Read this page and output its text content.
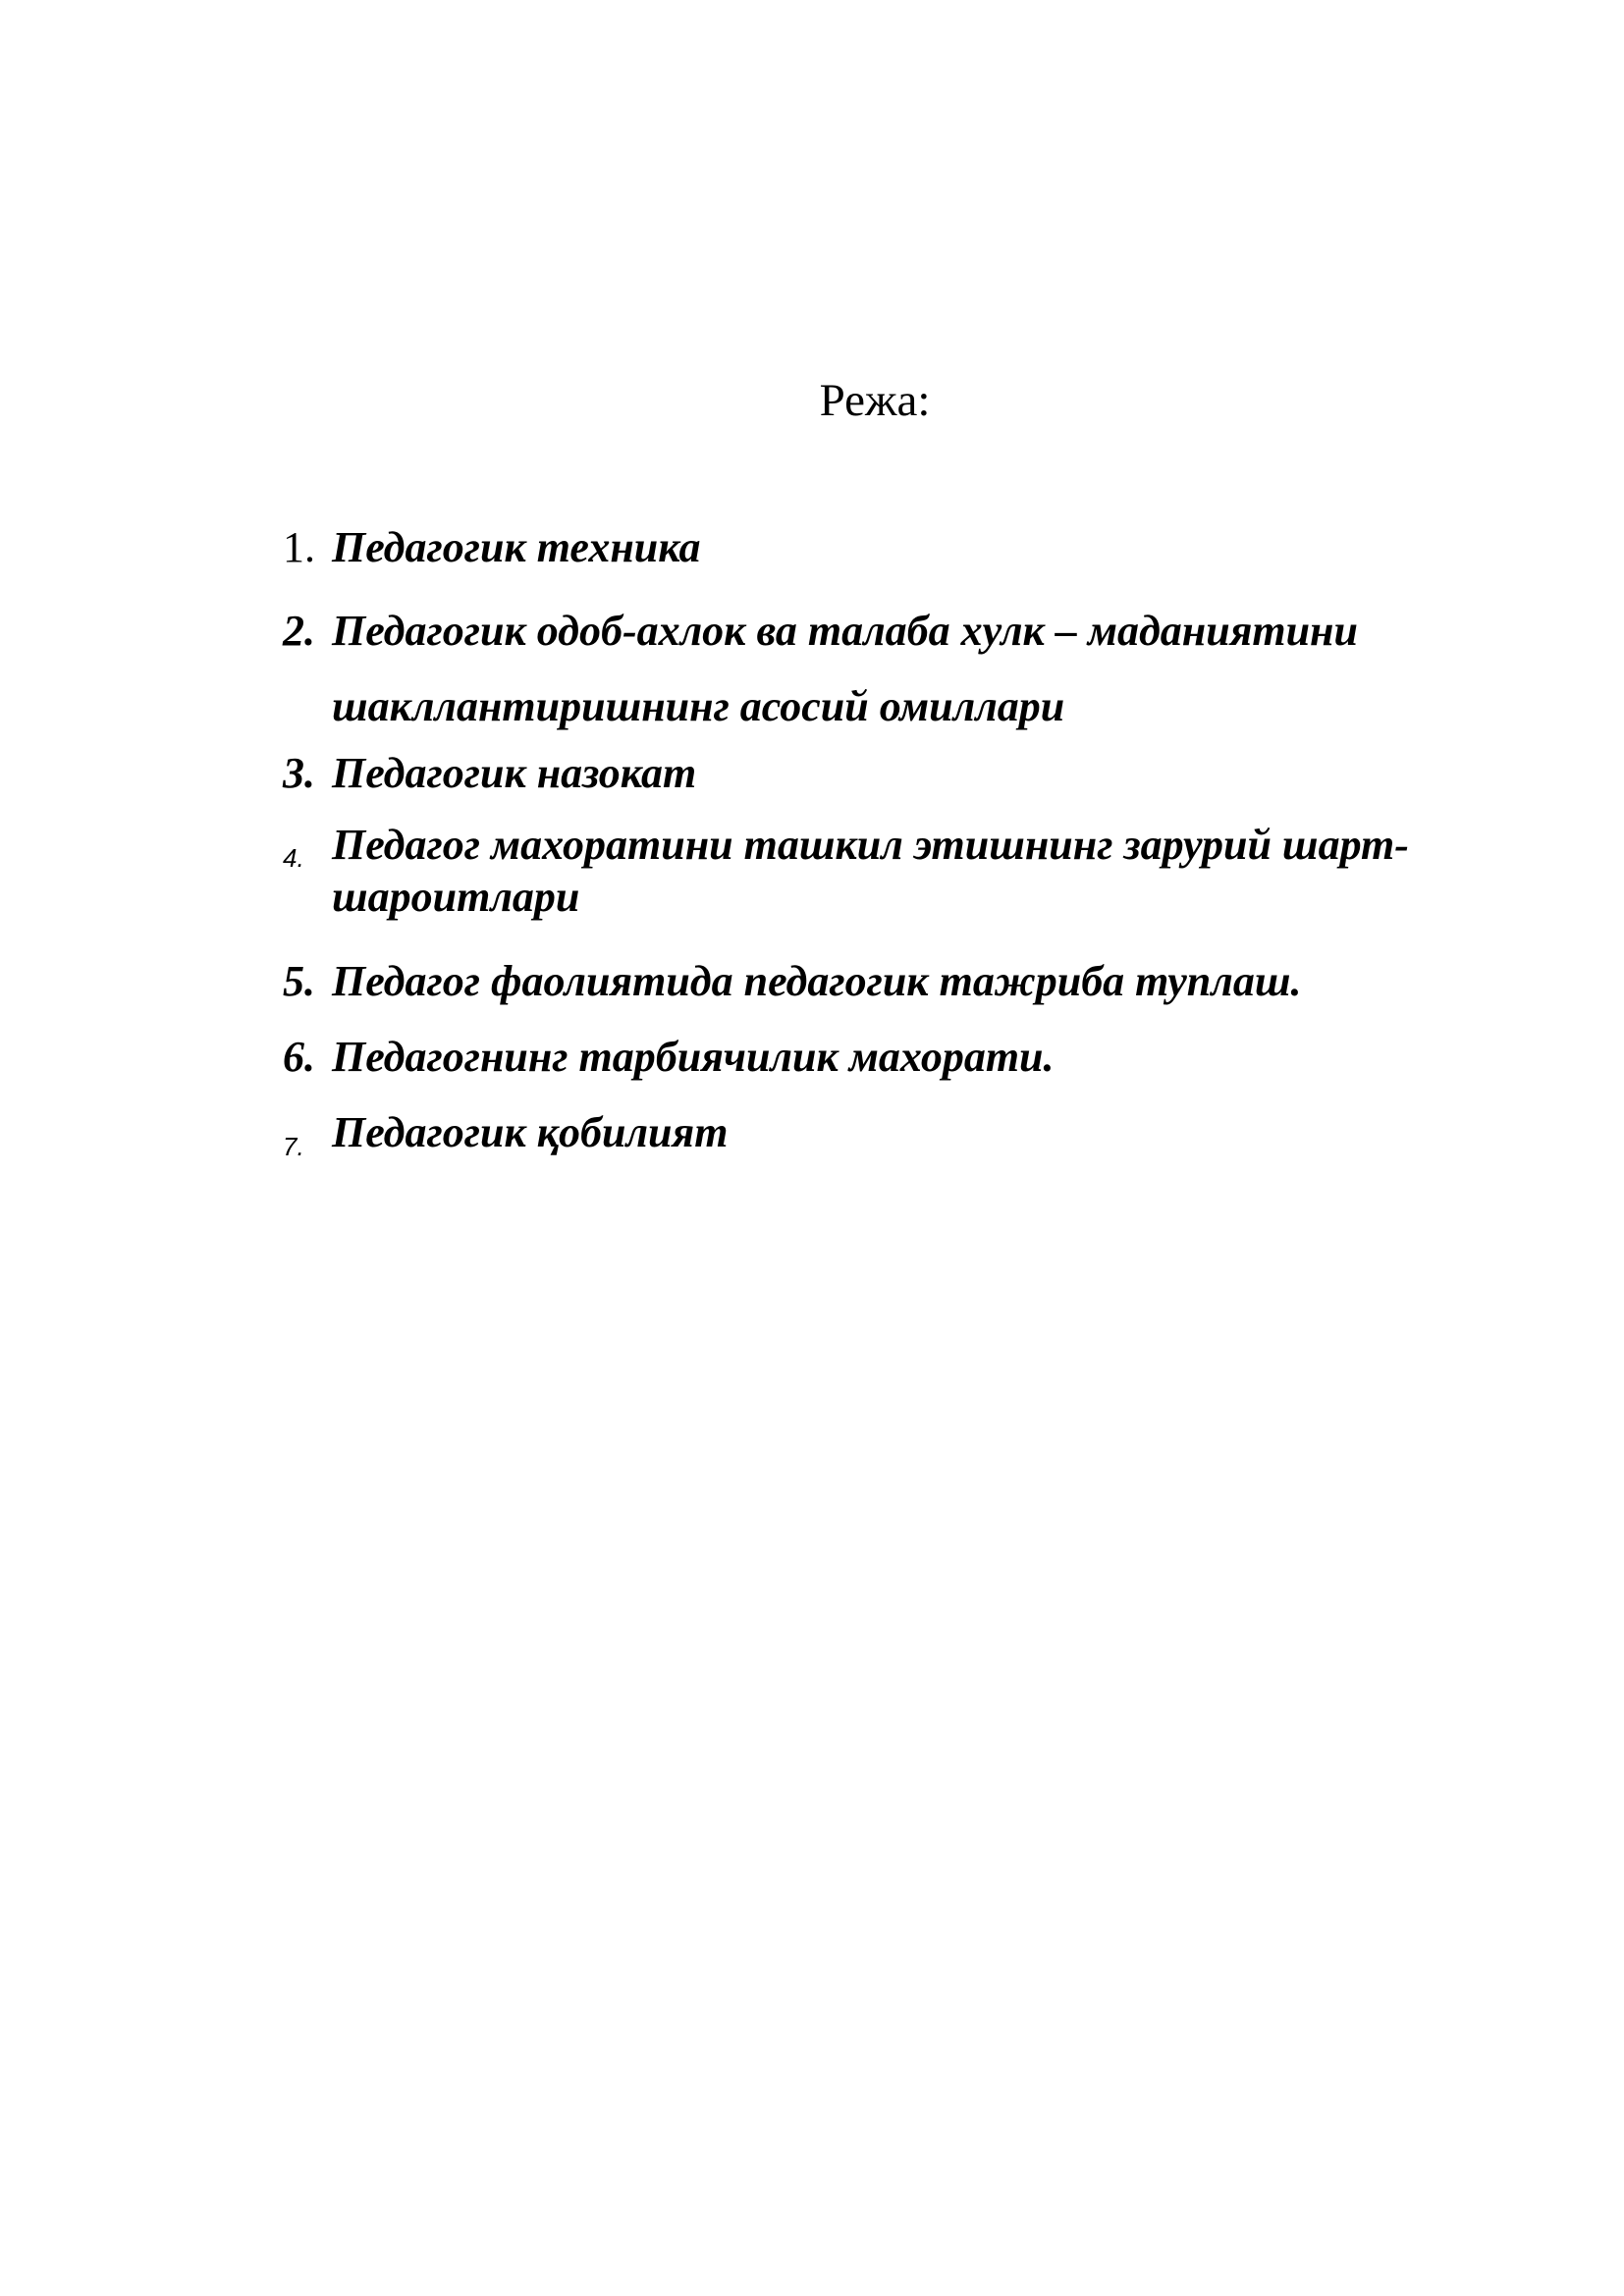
Режа:
1. Педагогик техника
2. Педагогик одоб-ахлок ва талаба хулк – маданиятини шакллантиришнинг асосий омиллари
3. Педагогик назокат
4. Педагог махоратини ташкил этишнинг зарурий шарт-шароитлари
5. Педагог фаолиятида педагогик тажриба туплаш.
6. Педагогнинг тарбиячилик махорати.
7. Педагогик қобилият
